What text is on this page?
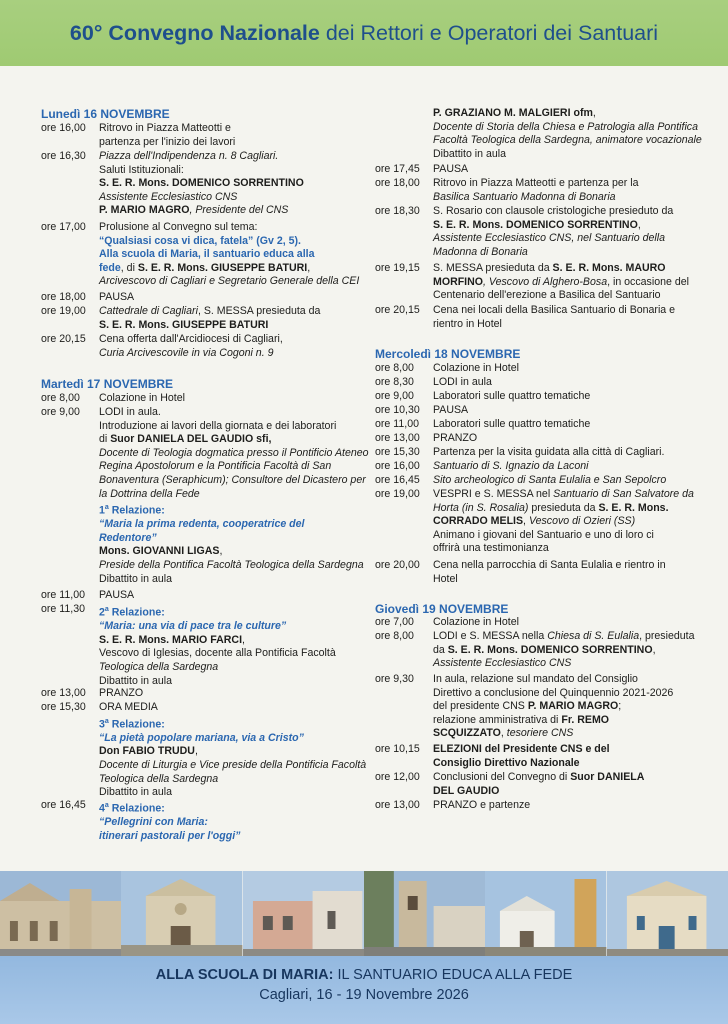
60° Convegno Nazionale dei Rettori e Operatori dei Santuari
Lunedì 16 NOVEMBRE
ore 16,00 Ritrovo in Piazza Matteotti e
partenza per l'inizio dei lavori
ore 16,30 Piazza dell'Indipendenza n. 8 Cagliari.
Saluti Istituzionali:
S. E. R. Mons. DOMENICO SORRENTINO
Assistente Ecclesiastico CNS
P. MARIO MAGRO, Presidente del CNS
ore 17,00 Prolusione al Convegno sul tema:
“Qualsiasi cosa vi dica, fatela” (Gv 2, 5).
Alla scuola di Maria, il santuario educa alla
fede, di S. E. R. Mons. GIUSEPPE BATURI,
Arcivescovo di Cagliari e Segretario Generale della CEI
ore 18,00 PAUSA
ore 19,00 Cattedrale di Cagliari, S. MESSA presieduta da
S. E. R. Mons. GIUSEPPE BATURI
ore 20,15 Cena offerta dall'Arcidiocesi di Cagliari,
Curia Arcivescovile in via Cogoni n. 9
Martedì 17 NOVEMBRE
ore 8,00 Colazione in Hotel
ore 9,00 LODI in aula.
Introduzione ai lavori della giornata e dei laboratori
di Suor DANIELA DEL GAUDIO sfi,
Docente di Teologia dogmatica presso il Pontificio Ateneo
Regina Apostolorum e la Pontificia Facoltà di San
Bonaventura (Seraphicum); Consultore del Dicastero per
la Dottrina della Fede
1$^a$ Relazione:
“Maria la prima redenta, cooperatrice del
Redentore”
Mons. GIOVANNI LIGAS,
Preside della Pontifica Facoltà Teologica della Sardegna
Dibattito in aula
ore 11,00 PAUSA
ore 11,30 2$^a$ Relazione:
“Maria: una via di pace tra le culture”
S. E. R. Mons. MARIO FARCI,
Vescovo di Iglesias, docente alla Pontificia Facoltà
Teologica della Sardegna
Dibattito in aula
ore 13,00 PRANZO
ore 15,30 ORA MEDIA
3$^a$ Relazione:
“La pietà popolare mariana, via a Cristo”
Don FABIO TRUDU,
Docente di Liturgia e Vice preside della Pontificia Facoltà
Teologica della Sardegna
Dibattito in aula
ore 16,45 4$^a$ Relazione:
“Pellegrini con Maria:
itinerari pastorali per l'oggi”
P. GRAZIANO M. MALGIERI ofm,
Docente di Storia della Chiesa e Patrologia alla Pontifica
Facoltà Teologica della Sardegna, animatore vocazionale
Dibattito in aula
ore 17,45 PAUSA
ore 18,00 Ritrovo in Piazza Matteotti e partenza per la
Basilica Santuario Madonna di Bonaria
ore 18,30 S. Rosario con clausole cristologiche presieduto da
S. E. R. Mons. DOMENICO SORRENTINO,
Assistente Ecclesiastico CNS, nel Santuario della
Madonna di Bonaria
ore 19,15 S. MESSA presieduta da S. E. R. Mons. MAURO
MORFINO, Vescovo di Alghero-Bosa, in occasione del
Centenario dell'erezione a Basilica del Santuario
ore 20,15 Cena nei locali della Basilica Santuario di Bonaria e
rientro in Hotel
Mercoledì 18 NOVEMBRE
ore 8,00 Colazione in Hotel
ore 8,30 LODI in aula
ore 9,00 Laboratori sulle quattro tematiche
ore 10,30 PAUSA
ore 11,00 Laboratori sulle quattro tematiche
ore 13,00 PRANZO
ore 15,30 Partenza per la visita guidata alla città di Cagliari.
ore 16,00 Santuario di S. Ignazio da Laconi
ore 16,45 Sito archeologico di Santa Eulalia e San Sepolcro
ore 19,00 VESPRI e S. MESSA nel Santuario di San Salvatore da
Horta (in S. Rosalia) presieduta da S. E. R. Mons.
CORRADO MELIS, Vescovo di Ozieri (SS)
Animano i giovani del Santuario e uno di loro ci
offrirà una testimonianza
ore 20,00 Cena nella parrocchia di Santa Eulalia e rientro in
Hotel
Giovedì 19 NOVEMBRE
ore 7,00 Colazione in Hotel
ore 8,00 LODI e S. MESSA nella Chiesa di S. Eulalia, presieduta
da S. E. R. Mons. DOMENICO SORRENTINO,
Assistente Ecclesiastico CNS
ore 9,30 In aula, relazione sul mandato del Consiglio
Direttivo a conclusione del Quinquennio 2021-2026
del presidente CNS P. MARIO MAGRO;
relazione amministrativa di Fr. REMO
SCQUIZZATO, tesoriere CNS
ore 10,15 ELEZIONI del Presidente CNS e del
Consiglio Direttivo Nazionale
ore 12,00 Conclusioni del Convegno di Suor DANIELA
DEL GAUDIO
ore 13,00 PRANZO e partenze
ALLA SCUOLA DI MARIA: IL SANTUARIO EDUCA ALLA FEDE
Cagliari, 16 - 19 Novembre 2026
